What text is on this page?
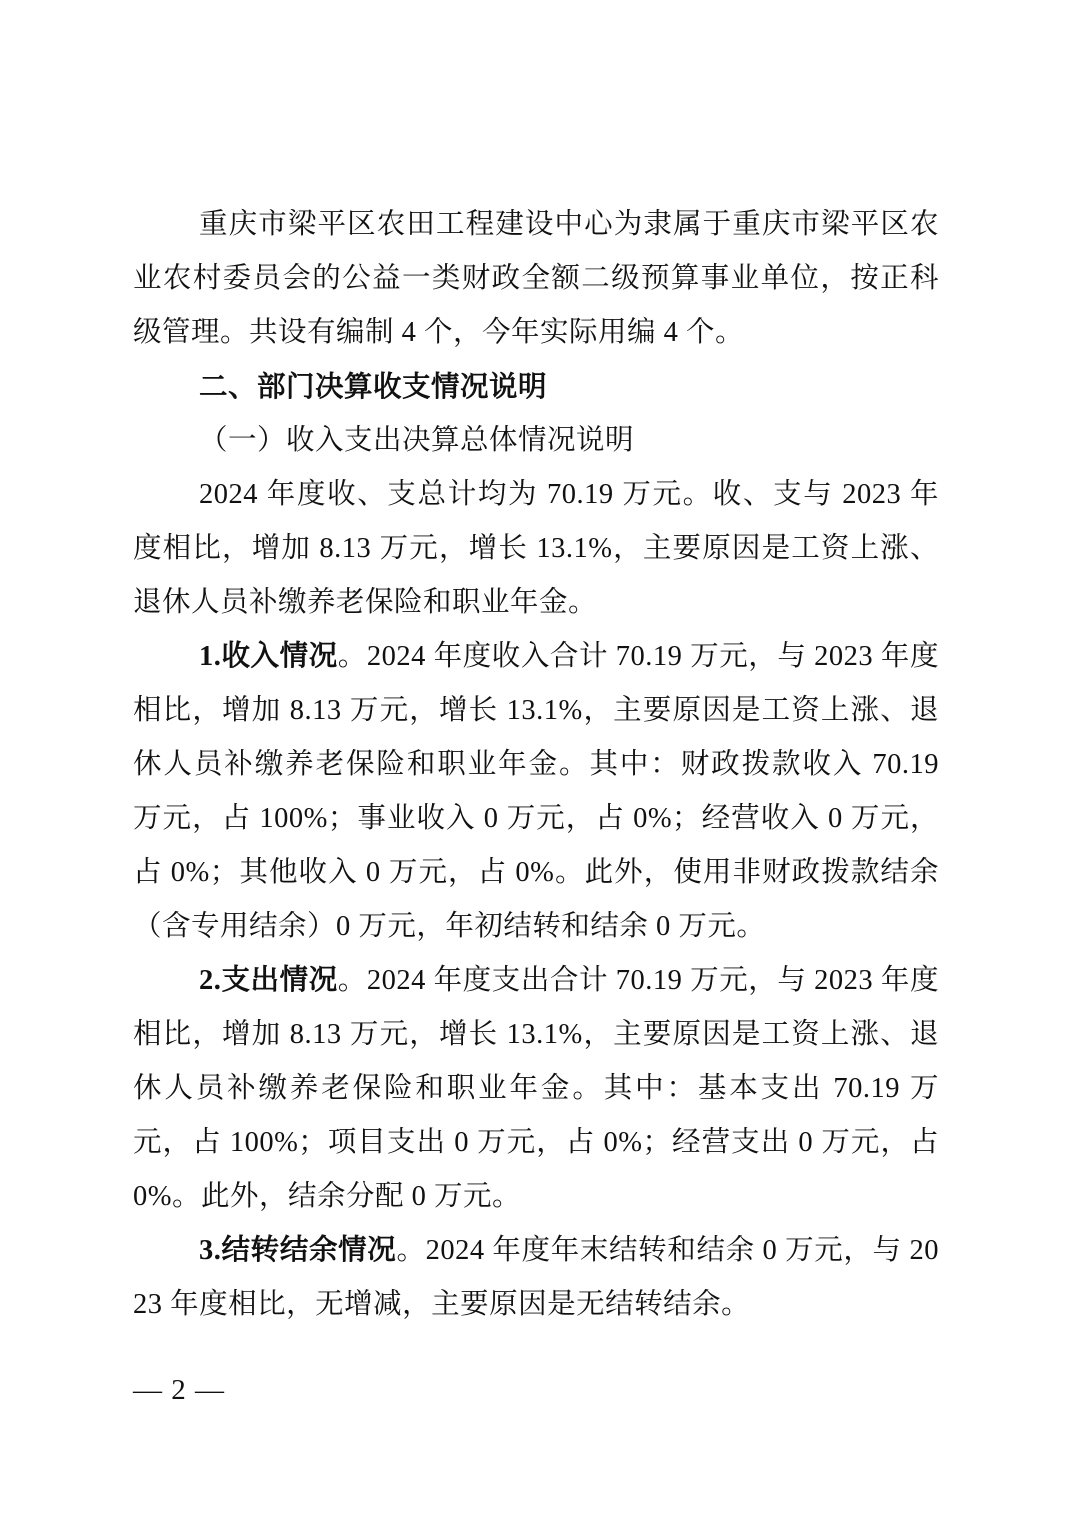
重庆市梁平区农田工程建设中心为隶属于重庆市梁平区农业农村委员会的公益一类财政全额二级预算事业单位，按正科级管理。共设有编制 4 个，今年实际用编 4 个。

二、部门决算收支情况说明

（一）收入支出决算总体情况说明

2024 年度收、支总计均为 70.19 万元。收、支与 2023 年度相比，增加 8.13 万元，增长 13.1%，主要原因是工资上涨、退休人员补缴养老保险和职业年金。

1.收入情况。2024 年度收入合计 70.19 万元，与 2023 年度相比，增加 8.13 万元，增长 13.1%，主要原因是工资上涨、退休人员补缴养老保险和职业年金。其中：财政拨款收入 70.19 万元，占 100%；事业收入 0 万元，占 0%；经营收入 0 万元，占 0%；其他收入 0 万元，占 0%。此外，使用非财政拨款结余（含专用结余）0 万元，年初结转和结余 0 万元。

2.支出情况。2024 年度支出合计 70.19 万元，与 2023 年度相比，增加 8.13 万元，增长 13.1%，主要原因是工资上涨、退休人员补缴养老保险和职业年金。其中：基本支出 70.19 万元，占 100%；项目支出 0 万元，占 0%；经营支出 0 万元，占 0%。此外，结余分配 0 万元。

3.结转结余情况。2024 年度年末结转和结余 0 万元，与 2023 年度相比，无增减，主要原因是无结转结余。

— 2 —
